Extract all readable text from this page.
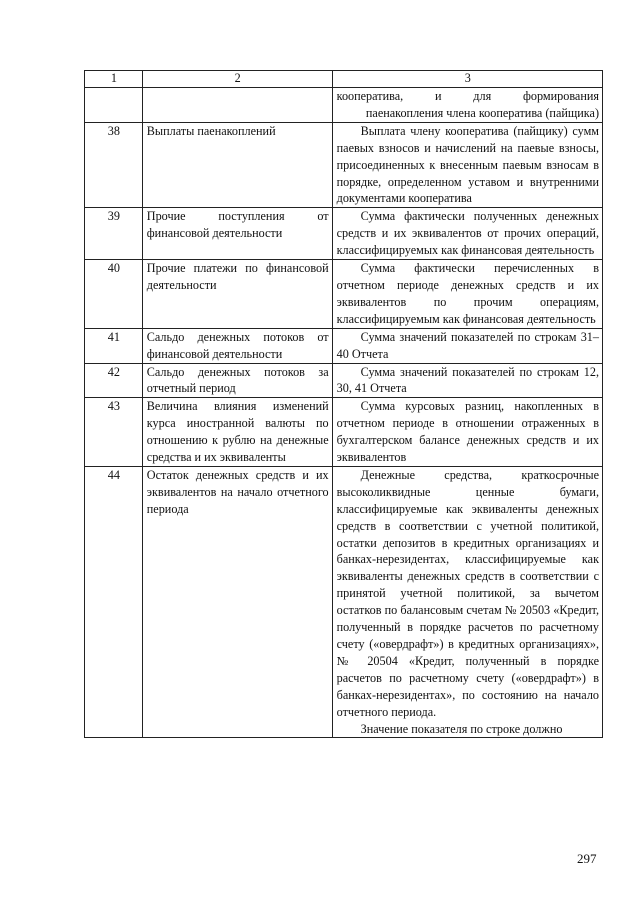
1	2	3

		кооператива, и для формирования
паенакопления члена кооператива (пайщика)

38	Выплаты паенакоплений	Выплата члену кооператива (пайщику) сумм паевых взносов и начислений на паевые взносы, присоединенных к внесенным паевым взносам в порядке, определенном уставом и внутренними документами кооператива

39	Прочие поступления от финансовой деятельности	Сумма фактически полученных денежных средств и их эквивалентов от прочих операций, классифицируемых как финансовая деятельность

40	Прочие платежи по финансовой деятельности	Сумма фактически перечисленных в отчетном периоде денежных средств и их эквивалентов по прочим операциям, классифицируемым как финансовая деятельность

41	Сальдо денежных потоков от финансовой деятельности	Сумма значений показателей по строкам 31–40 Отчета

42	Сальдо денежных потоков за отчетный период	Сумма значений показателей по строкам 12, 30, 41 Отчета

43	Величина влияния изменений курса иностранной валюты по отношению к рублю на денежные средства и их эквиваленты	Сумма курсовых разниц, накопленных в отчетном периоде в отношении отраженных в бухгалтерском балансе денежных средств и их эквивалентов

44	Остаток денежных средств и их эквивалентов на начало отчетного периода	Денежные средства, краткосрочные высоколиквидные ценные бумаги, классифицируемые как эквиваленты денежных средств в соответствии с учетной политикой, остатки депозитов в кредитных организациях и банках-нерезидентах, классифицируемые как эквиваленты денежных средств в соответствии с принятой учетной политикой, за вычетом остатков по балансовым счетам № 20503 «Кредит, полученный в порядке расчетов по расчетному счету («овердрафт») в кредитных организациях», № 20504 «Кредит, полученный в порядке расчетов по расчетному счету («овердрафт») в банках-нерезидентах», по состоянию на начало отчетного периода.
Значение показателя по строке должно
297
